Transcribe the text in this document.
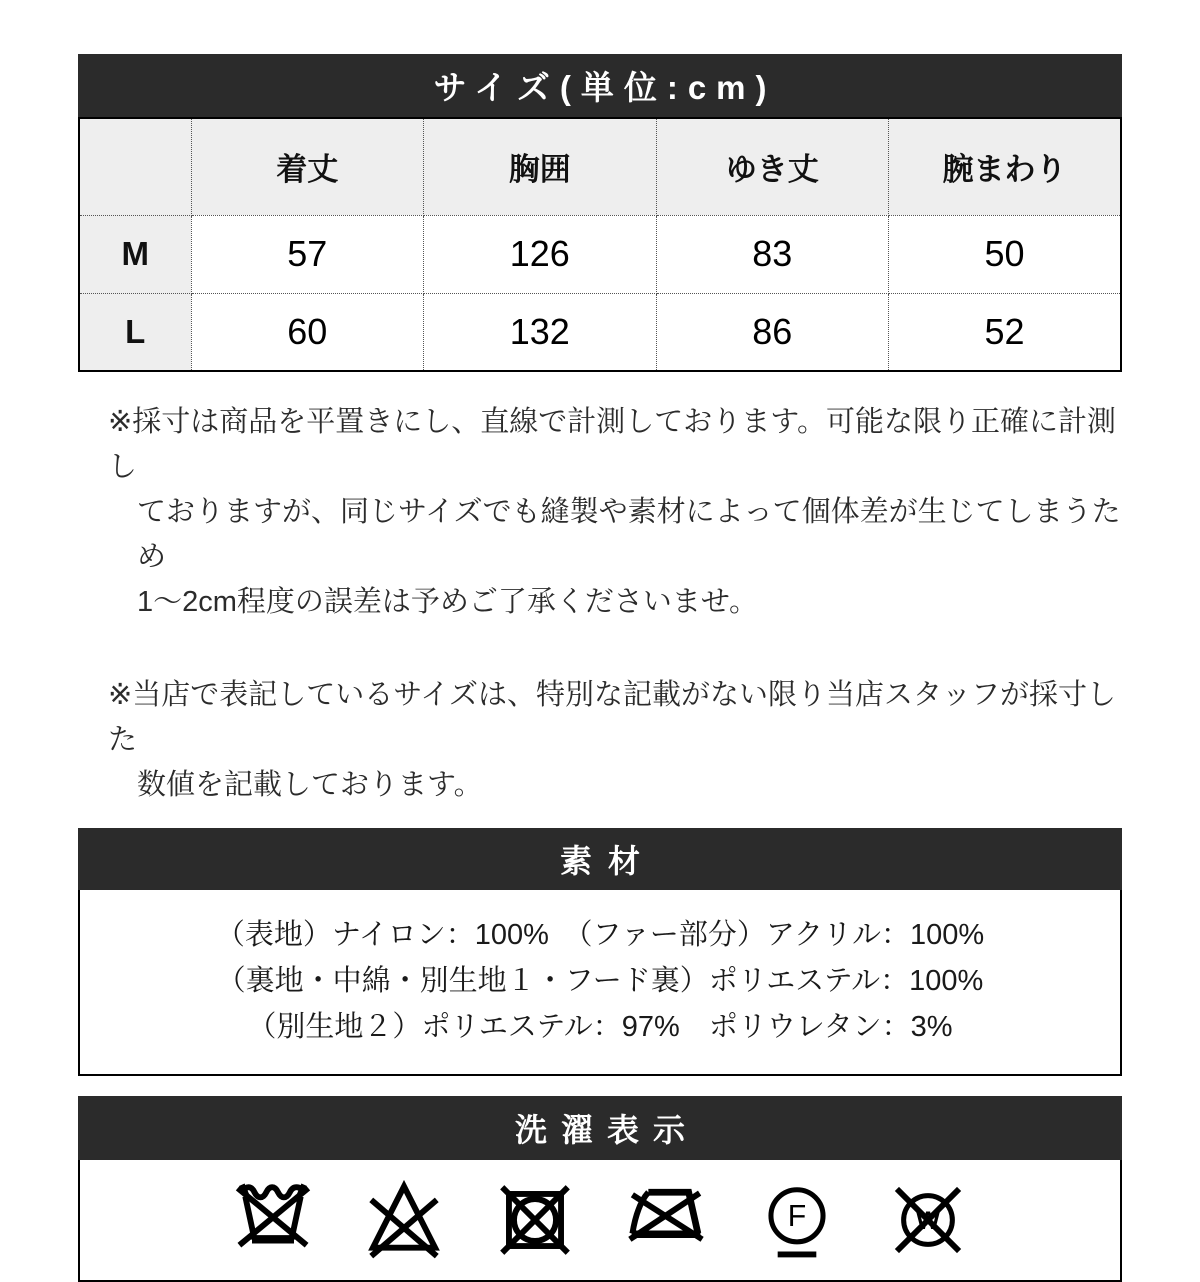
サイズ(単位:cm)
	着丈	胸囲	ゆき丈	腕まわり
M	57	126	83	50
L	60	132	86	52
※採寸は商品を平置きにし、直線で計測しております。可能な限り正確に計測し
ておりますが、同じサイズでも縫製や素材によって個体差が生じてしまうため
1～2cm程度の誤差は予めご了承くださいませ。
※当店で表記しているサイズは、特別な記載がない限り当店スタッフが採寸した
数値を記載しております。
素材
（表地）ナイロン：100%　（ファー部分）アクリル：100%
（裏地・中綿・別生地１・フード裏）ポリエステル：100%
（別生地２）ポリエステル：97%　ポリウレタン：3%
洗濯表示
F	W
